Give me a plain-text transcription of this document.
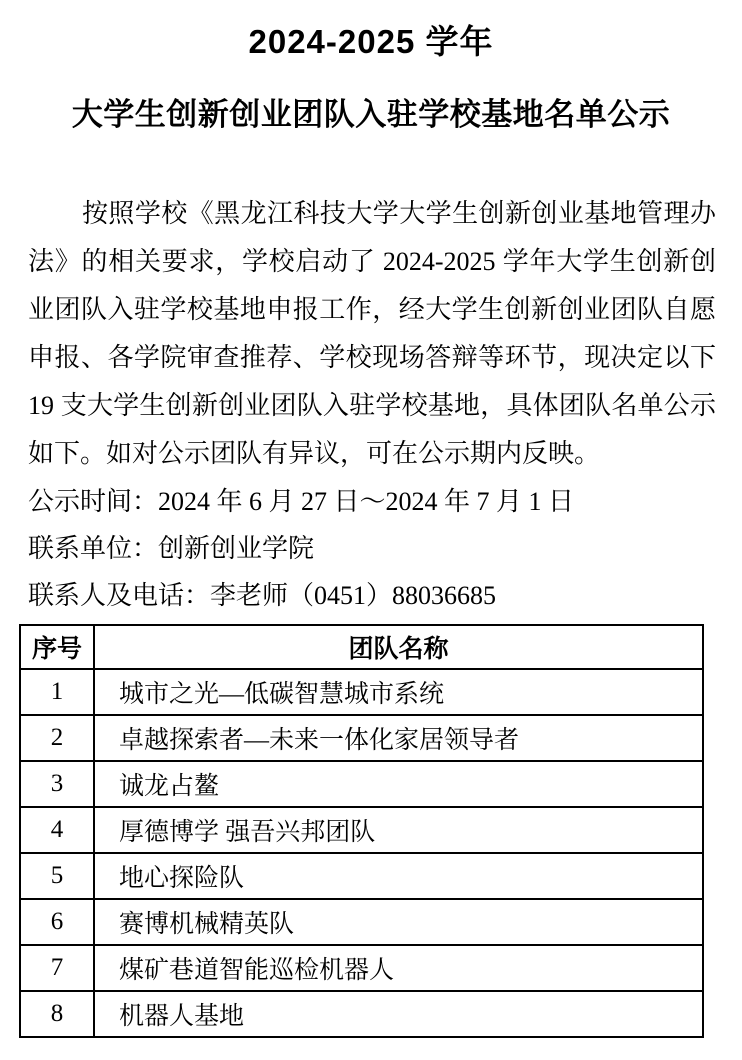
2024-2025 学年
大学生创新创业团队入驻学校基地名单公示
按照学校《黑龙江科技大学大学生创新创业基地管理办法》的相关要求，学校启动了 2024-2025 学年大学生创新创业团队入驻学校基地申报工作，经大学生创新创业团队自愿申报、各学院审查推荐、学校现场答辩等环节，现决定以下 19 支大学生创新创业团队入驻学校基地，具体团队名单公示如下。如对公示团队有异议，可在公示期内反映。
公示时间：2024 年 6 月 27 日～2024 年 7 月 1 日
联系单位：创新创业学院
联系人及电话：李老师（0451）88036685
序号	团队名称
1	城市之光—低碳智慧城市系统
2	卓越探索者—未来一体化家居领导者
3	诚龙占鳌
4	厚德博学 强吾兴邦团队
5	地心探险队
6	赛博机械精英队
7	煤矿巷道智能巡检机器人
8	机器人基地
